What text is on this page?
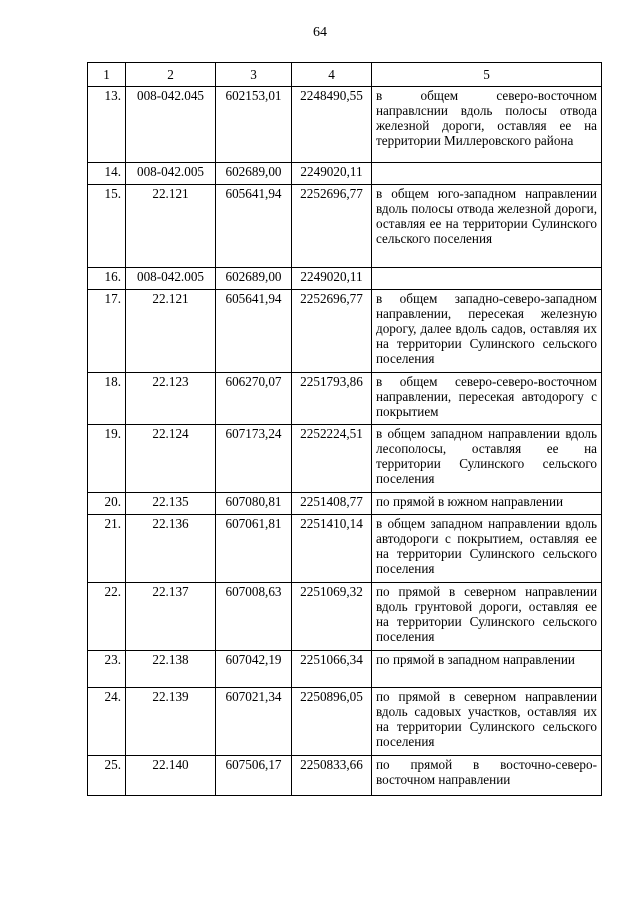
64
1	2	3	4	5
13.	008-042.045	602153,01	2248490,55	в общем северо-восточном направлснии вдоль полосы отвода железной дороги, оставляя ее на территории Миллеровского района
14.	008-042.005	602689,00	2249020,11	
15.	22.121	605641,94	2252696,77	в общем юго-западном направлении вдоль полосы отвода железной дороги, оставляя ее на территории Сулинского сельского поселения
16.	008-042.005	602689,00	2249020,11	
17.	22.121	605641,94	2252696,77	в общем западно-северо-западном направлении, пересекая железную дорогу, далее вдоль садов, оставляя их на территории Сулинского сельского поселения
18.	22.123	606270,07	2251793,86	в общем северо-северо-восточном направлении, пересекая автодорогу с покрытием
19.	22.124	607173,24	2252224,51	в общем западном направлении вдоль лесополосы, оставляя ее на территории Сулинского сельского поселения
20.	22.135	607080,81	2251408,77	по прямой в южном направлении
21.	22.136	607061,81	2251410,14	в общем западном направлении вдоль автодороги с покрытием, оставляя ее на территории Сулинского сельского поселения
22.	22.137	607008,63	2251069,32	по прямой в северном направлении вдоль грунтовой дороги, оставляя ее на территории Сулинского сельского поселения
23.	22.138	607042,19	2251066,34	по прямой в западном направлении
24.	22.139	607021,34	2250896,05	по прямой в северном направлении вдоль садовых участков, оставляя их на территории Сулинского сельского поселения
25.	22.140	607506,17	2250833,66	по прямой в восточно-северо-восточном направлении
